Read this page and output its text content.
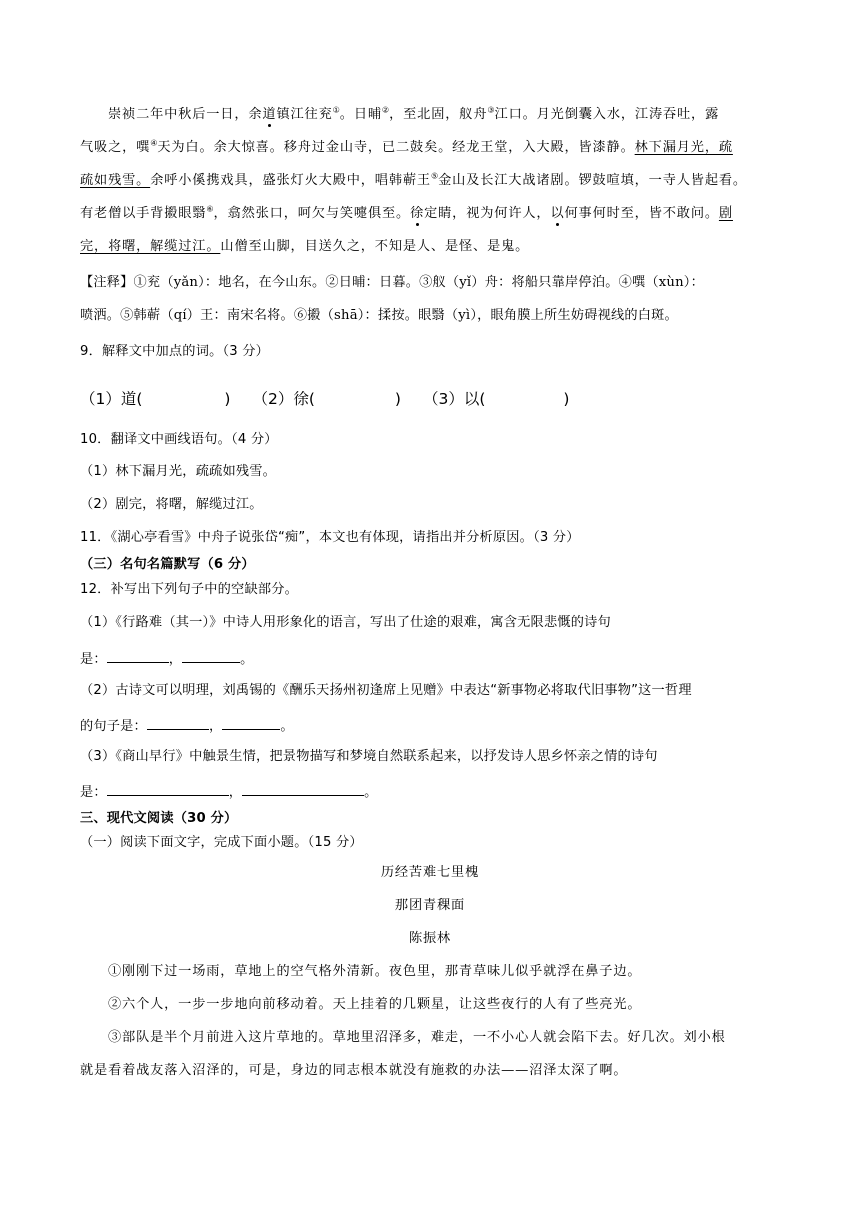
崇祯二年中秋后一日，余道镇江往兖①。日晡②，至北固，舣舟③江口。月光倒囊入水，江涛吞吐，露
气吸之，噀④天为白。余大惊喜。移舟过金山寺，已二鼓矣。经龙王堂，入大殿，皆漆静。林下漏月光，疏
疏如残雪。余呼小傒携戏具，盛张灯火大殿中，唱韩蕲王⑤金山及长江大战诸剧。锣鼓喧填，一寺人皆起看。
有老僧以手背摋眼翳⑥，翕然张口，呵欠与笑嚏俱至。徐定睛，视为何许人，以何事何时至，皆不敢问。剧
完，将曙，解缆过江。山僧至山脚，目送久之，不知是人、是怪、是鬼。
【注释】①兖（yǎn）：地名，在今山东。②日晡：日暮。③舣（yǐ）舟：将船只靠岸停泊。④噀（xùn）：
喷洒。⑤韩蕲（qí）王：南宋名将。⑥摋（shā）：揉按。眼翳（yì），眼角膜上所生妨碍视线的白斑。
9．解释文中加点的词。（3 分）
（1）道(	) （2）徐(	) （3）以(	)
10．翻译文中画线语句。（4 分）
（1）林下漏月光，疏疏如残雪。
（2）剧完，将曙，解缆过江。
11．《湖心亭看雪》中舟子说张岱“痴”，本文也有体现，请指出并分析原因。（3 分）
（三）名句名篇默写（6 分）
12．补写出下列句子中的空缺部分。
（1）《行路难（其一）》中诗人用形象化的语言，写出了仕途的艰难，寓含无限悲慨的诗句
是：	，	。
（2）古诗文可以明理，刘禹锡的《酬乐天扬州初逢席上见赠》中表达“新事物必将取代旧事物”这一哲理
的句子是：	，	。
（3）《商山早行》中触景生情，把景物描写和梦境自然联系起来，以抒发诗人思乡怀亲之情的诗句
是：	，	。
三、现代文阅读（30 分）
（一）阅读下面文字，完成下面小题。（15 分）
历经苦难七里槐
那团青稞面
陈振林
①刚刚下过一场雨，草地上的空气格外清新。夜色里，那青草味儿似乎就浮在鼻子边。
②六个人，一步一步地向前移动着。天上挂着的几颗星，让这些夜行的人有了些亮光。
③部队是半个月前进入这片草地的。草地里沼泽多，难走，一不小心人就会陷下去。好几次。刘小根
就是看着战友落入沼泽的，可是，身边的同志根本就没有施救的办法——沼泽太深了啊。
